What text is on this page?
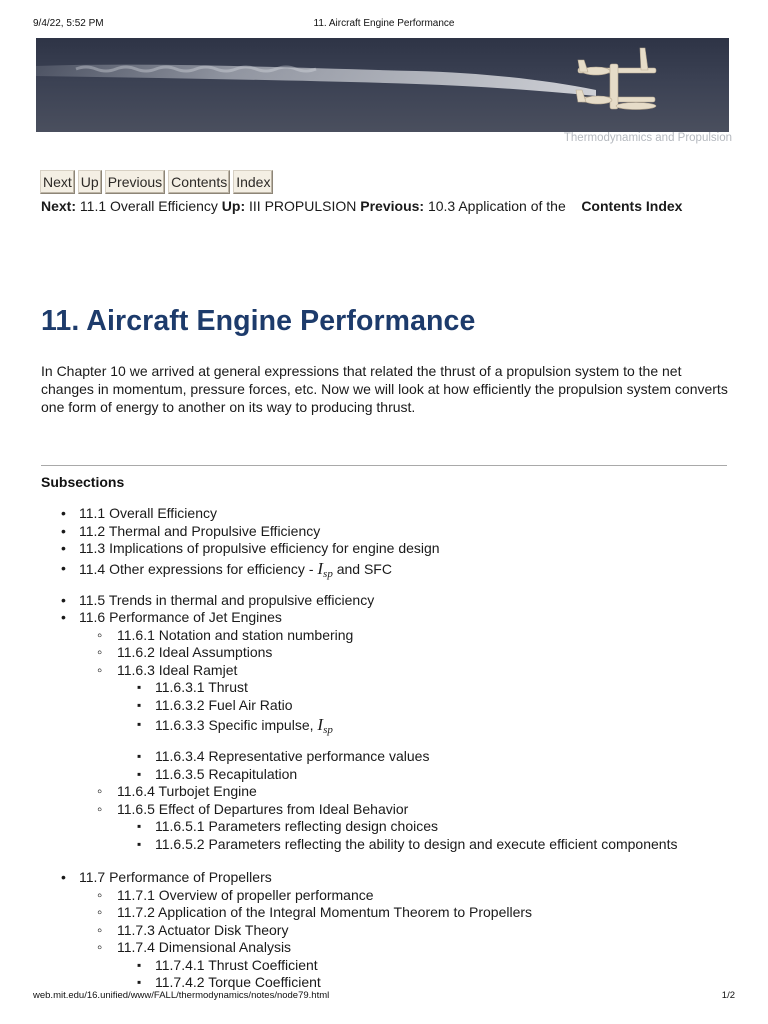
9/4/22, 5:52 PM	11. Aircraft Engine Performance
Thermodynamics and Propulsion
Next Up Previous Contents Index
Next: 11.1 Overall Efficiency Up: III PROPULSION Previous: 10.3 Application of the Contents Index
11. Aircraft Engine Performance

In Chapter 10 we arrived at general expressions that related the thrust of a propulsion system to the net changes in momentum, pressure forces, etc. Now we will look at how efficiently the propulsion system converts one form of energy to another on its way to producing thrust.

Subsections
• 11.1 Overall Efficiency
• 11.2 Thermal and Propulsive Efficiency
• 11.3 Implications of propulsive efficiency for engine design
• 11.4 Other expressions for efficiency - $I_{sp}$ and SFC
• 11.5 Trends in thermal and propulsive efficiency
• 11.6 Performance of Jet Engines
◦ 11.6.1 Notation and station numbering
◦ 11.6.2 Ideal Assumptions
◦ 11.6.3 Ideal Ramjet
▪ 11.6.3.1 Thrust
▪ 11.6.3.2 Fuel Air Ratio
▪ 11.6.3.3 Specific impulse, $I_{sp}$
▪ 11.6.3.4 Representative performance values
▪ 11.6.3.5 Recapitulation
◦ 11.6.4 Turbojet Engine
◦ 11.6.5 Effect of Departures from Ideal Behavior
▪ 11.6.5.1 Parameters reflecting design choices
▪ 11.6.5.2 Parameters reflecting the ability to design and execute efficient components
• 11.7 Performance of Propellers
◦ 11.7.1 Overview of propeller performance
◦ 11.7.2 Application of the Integral Momentum Theorem to Propellers
◦ 11.7.3 Actuator Disk Theory
◦ 11.7.4 Dimensional Analysis
▪ 11.7.4.1 Thrust Coefficient
▪ 11.7.4.2 Torque Coefficient
web.mit.edu/16.unified/www/FALL/thermodynamics/notes/node79.html	1/2
